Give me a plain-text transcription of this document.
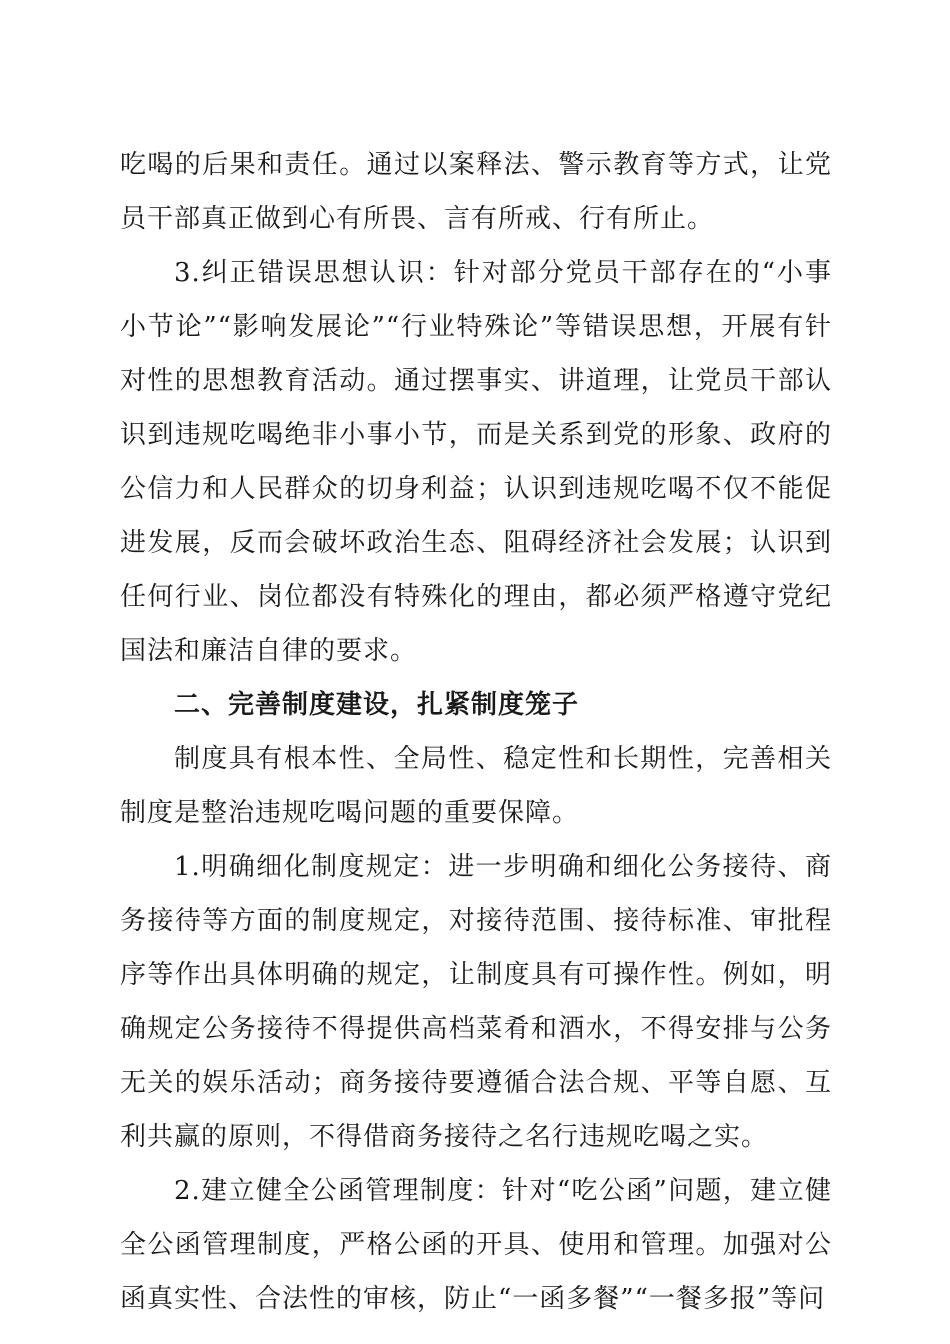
吃喝的后果和责任。通过以案释法、警示教育等方式，让党员干部真正做到心有所畏、言有所戒、行有所止。

3.纠正错误思想认识：针对部分党员干部存在的“小事小节论”“影响发展论”“行业特殊论”等错误思想，开展有针对性的思想教育活动。通过摆事实、讲道理，让党员干部认识到违规吃喝绝非小事小节，而是关系到党的形象、政府的公信力和人民群众的切身利益；认识到违规吃喝不仅不能促进发展，反而会破坏政治生态、阻碍经济社会发展；认识到任何行业、岗位都没有特殊化的理由，都必须严格遵守党纪国法和廉洁自律的要求。

二、完善制度建设，扎紧制度笼子

制度具有根本性、全局性、稳定性和长期性，完善相关制度是整治违规吃喝问题的重要保障。

1.明确细化制度规定：进一步明确和细化公务接待、商务接待等方面的制度规定，对接待范围、接待标准、审批程序等作出具体明确的规定，让制度具有可操作性。例如，明确规定公务接待不得提供高档菜肴和酒水，不得安排与公务无关的娱乐活动；商务接待要遵循合法合规、平等自愿、互利共赢的原则，不得借商务接待之名行违规吃喝之实。

2.建立健全公函管理制度：针对“吃公函”问题，建立健全公函管理制度，严格公函的开具、使用和管理。加强对公函真实性、合法性的审核，防止“一函多餐”“一餐多报”等问
